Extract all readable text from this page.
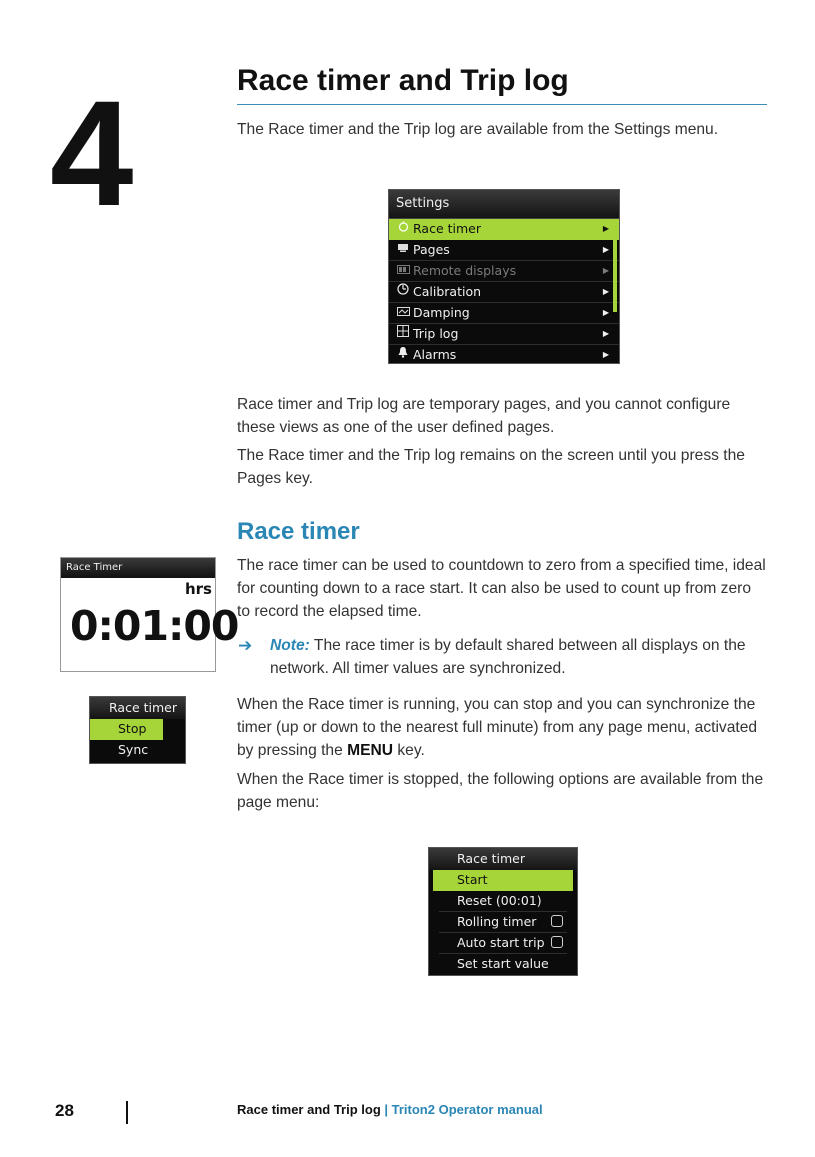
4	Race timer and Trip log
The Race timer and the Trip log are available from the Settings menu.
Settings
Race timer	▶
Pages	▶
Remote displays	▶
Calibration	▶
Damping	▶
Trip log	▶
Alarms	▶
Race timer and Trip log are temporary pages, and you cannot configure these views as one of the user defined pages.
The Race timer and the Trip log remains on the screen until you press the Pages key.
Race timer
Race Timer
hrs
0:01:00
The race timer can be used to countdown to zero from a specified time, ideal for counting down to a race start. It can also be used to count up from zero to record the elapsed time.
➔ Note: The race timer is by default shared between all displays on the network. All timer values are synchronized.
Race timer
Stop
Sync
When the Race timer is running, you can stop and you can synchronize the timer (up or down to the nearest full minute) from any page menu, activated by pressing the MENU key.
When the Race timer is stopped, the following options are available from the page menu:
Race timer
Start
Reset (00:01)
Rolling timer
Auto start trip
Set start value
28	Race timer and Trip log | Triton2 Operator manual
